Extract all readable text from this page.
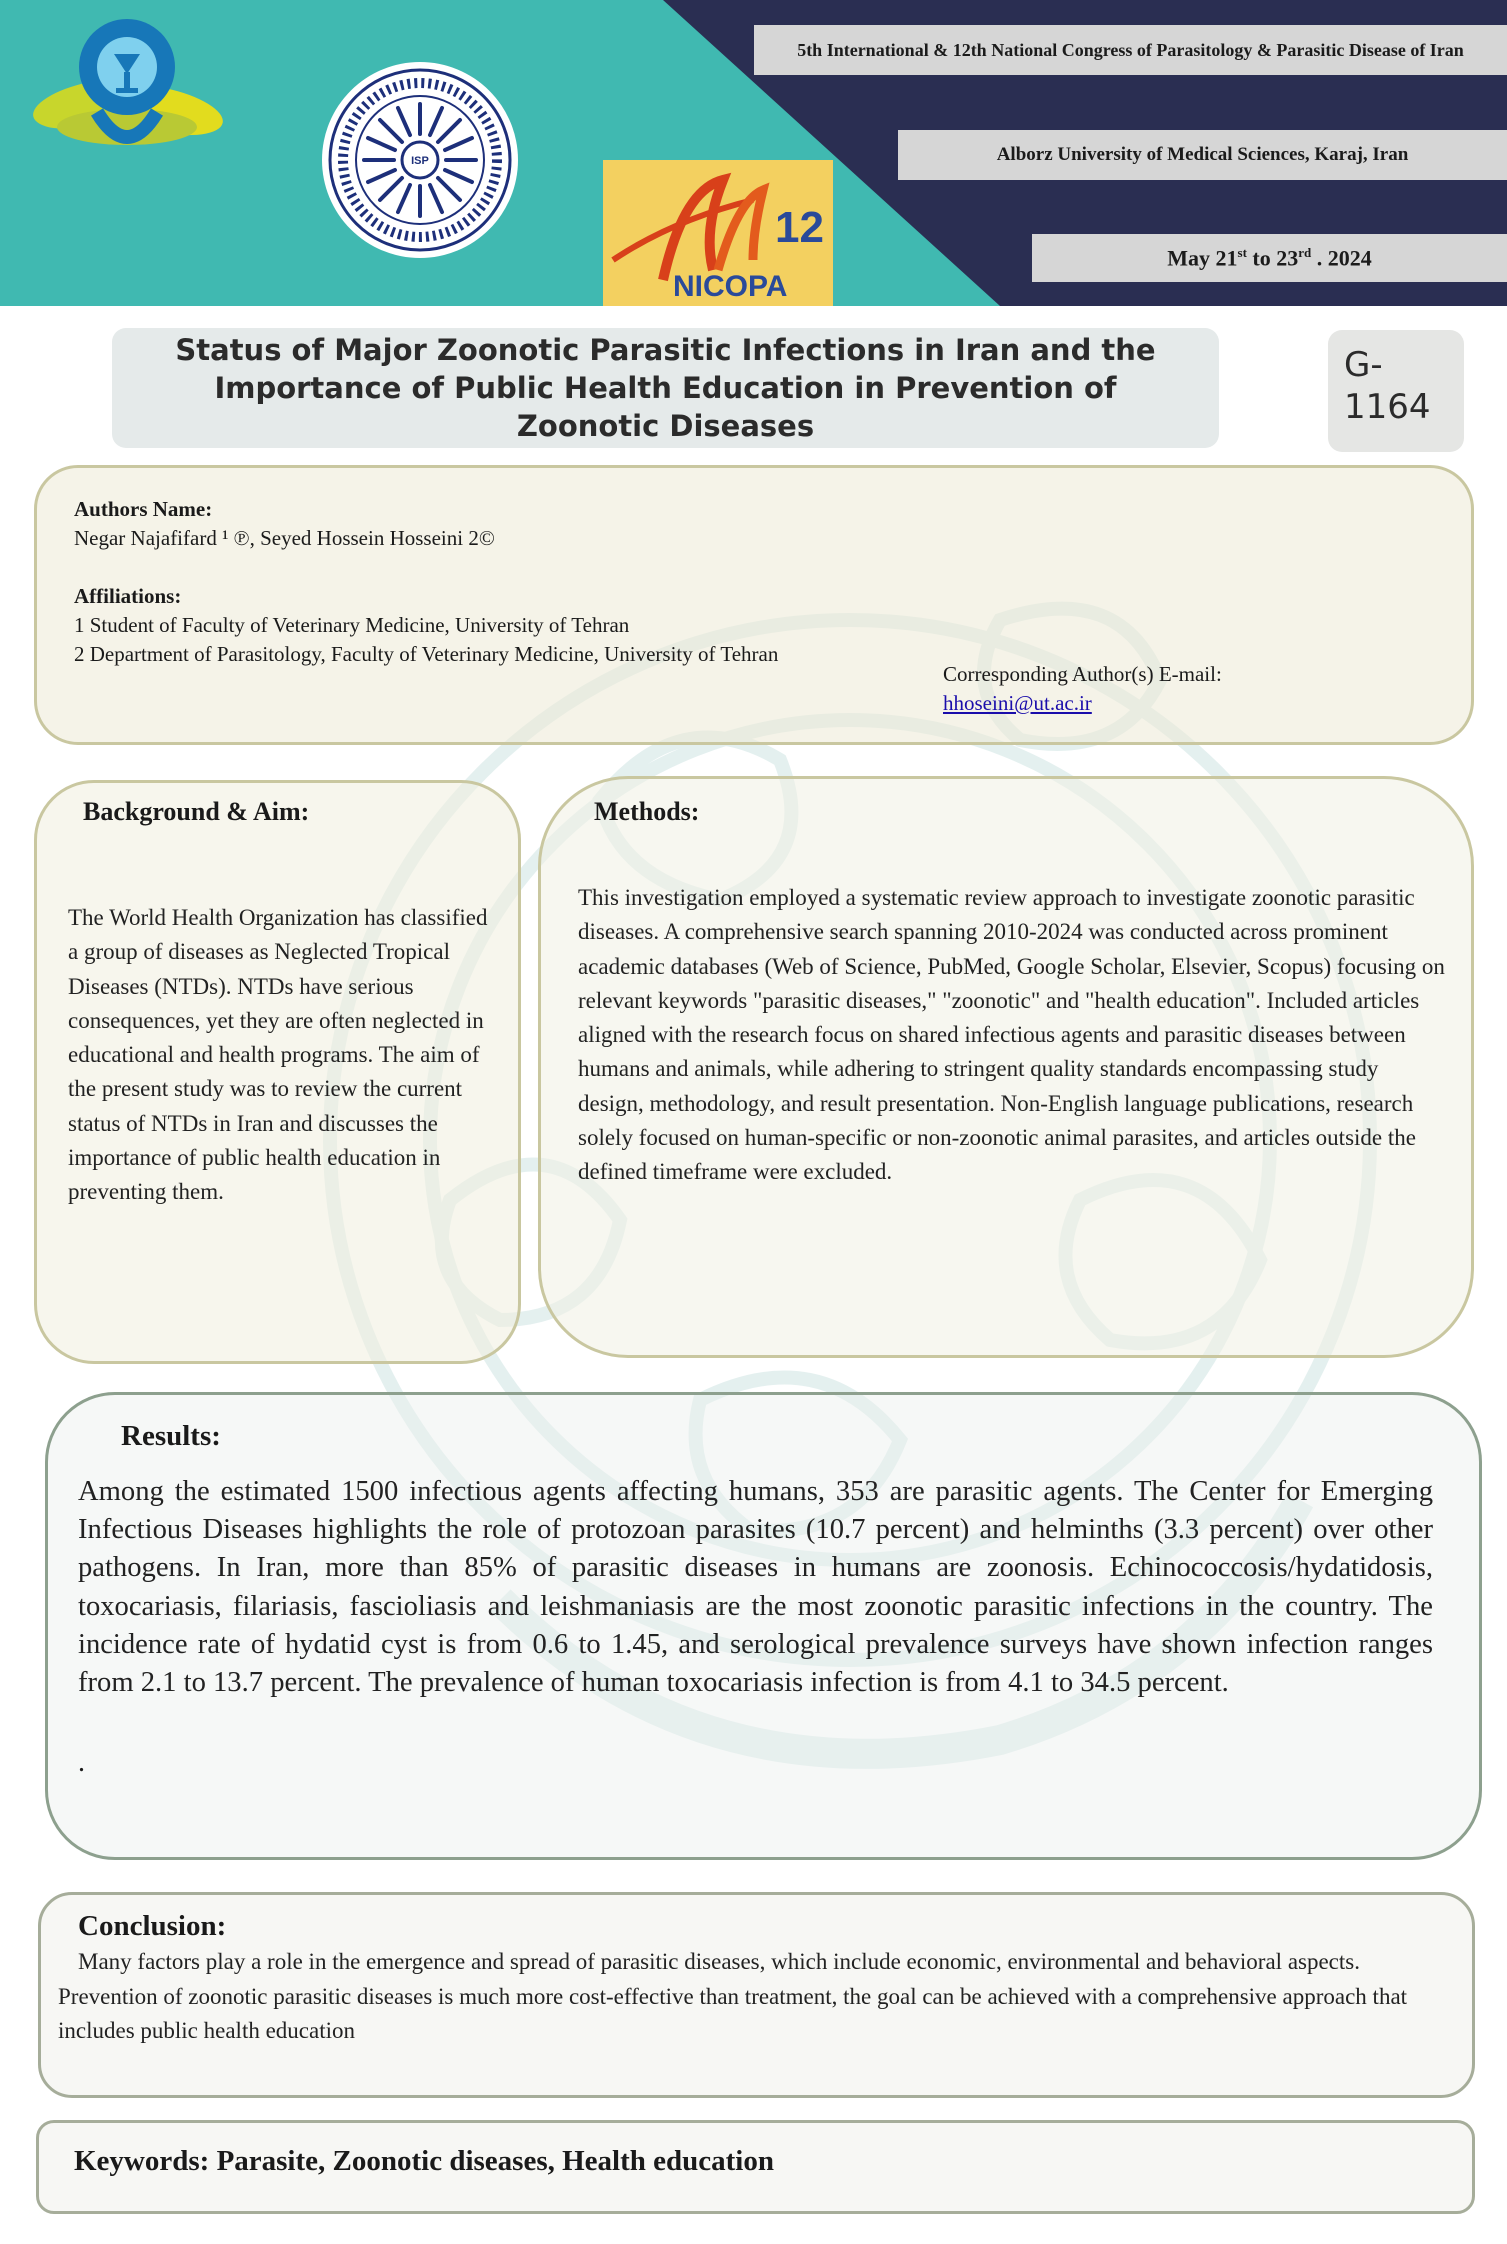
ISP
12
NICOPA
5th International & 12th National Congress of Parasitology & Parasitic Disease of Iran
Alborz University of Medical Sciences, Karaj, Iran
May 21st to 23rd . 2024
Status of Major Zoonotic Parasitic Infections in Iran and the Importance of Public Health Education in Prevention of Zoonotic Diseases
G-1164
Authors Name:
Negar Najafifard ¹ ℗, Seyed Hossein Hosseini 2©
Affiliations:
1 Student of Faculty of Veterinary Medicine, University of Tehran
2 Department of Parasitology, Faculty of Veterinary Medicine, University of Tehran
Corresponding Author(s) E-mail:
hhoseini@ut.ac.ir
Background & Aim:
The World Health Organization has classified a group of diseases as Neglected Tropical Diseases (NTDs). NTDs have serious consequences, yet they are often neglected in educational and health programs. The aim of the present study was to review the current status of NTDs in Iran and discusses the importance of public health education in preventing them.
Methods:
This investigation employed a systematic review approach to investigate zoonotic parasitic diseases. A comprehensive search spanning 2010-2024 was conducted across prominent academic databases (Web of Science, PubMed, Google Scholar, Elsevier, Scopus) focusing on relevant keywords "parasitic diseases," "zoonotic" and "health education". Included articles aligned with the research focus on shared infectious agents and parasitic diseases between humans and animals, while adhering to stringent quality standards encompassing study design, methodology, and result presentation. Non-English language publications, research solely focused on human-specific or non-zoonotic animal parasites, and articles outside the defined timeframe were excluded.
Results:
Among the estimated 1500 infectious agents affecting humans, 353 are parasitic agents. The Center for Emerging Infectious Diseases highlights the role of protozoan parasites (10.7 percent) and helminths (3.3 percent) over other pathogens. In Iran, more than 85% of parasitic diseases in humans are zoonosis. Echinococcosis/hydatidosis, toxocariasis, filariasis, fascioliasis and leishmaniasis are the most zoonotic parasitic infections in the country. The incidence rate of hydatid cyst is from 0.6 to 1.45, and serological prevalence surveys have shown infection ranges from 2.1 to 13.7 percent. The prevalence of human toxocariasis infection is from 4.1 to 34.5 percent.
.
Conclusion:
Many factors play a role in the emergence and spread of parasitic diseases, which include economic, environmental and behavioral aspects. Prevention of zoonotic parasitic diseases is much more cost-effective than treatment, the goal can be achieved with a comprehensive approach that includes public health education
Keywords: Parasite, Zoonotic diseases, Health education
